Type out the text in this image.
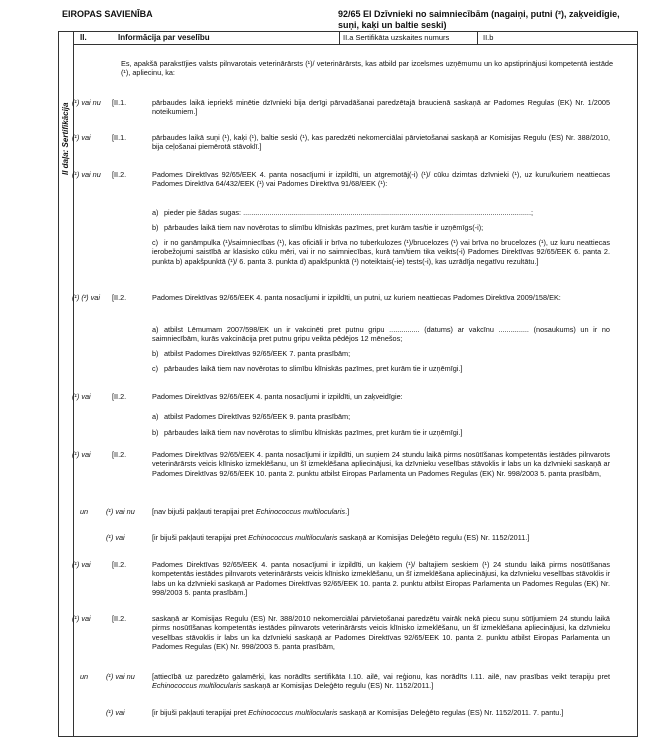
EIROPAS SAVIENĪBA	92/65 EI Dzīvnieki no saimniecībām (nagaiņi, putni (²), zaķveidīgie, suņi, kaķi un baltie seski)
II daļa: Sertifikācija
II.	Informācija par veselību	II.a Sertifikāta uzskaites numurs	II.b
Es, apakšā parakstījies valsts pilnvarotais veterinārārsts (¹)/ veterinārārsts, kas atbild par izcelsmes uzņēmumu un ko apstiprinājusi kompetentā iestāde (¹), apliecinu, ka:
(¹) vai nu	[II.1.	pārbaudes laikā iepriekš minētie dzīvnieki bija derīgi pārvadāšanai paredzētajā braucienā saskaņā ar Padomes Regulas (EK) Nr. 1/2005 noteikumiem.]
(¹) vai	[II.1.	pārbaudes laikā suņi (¹), kaķi (¹), baltie seski (¹), kas paredzēti nekomerciālai pārvietošanai saskaņā ar Komisijas Regulu (ES) Nr. 388/2010, bija ceļošanai piemērotā stāvoklī.]
(¹) vai nu	[II.2.	Padomes Direktīvas 92/65/EEK 4. panta nosacījumi ir izpildīti, un atgremotāj(-i) (¹)/ cūku dzimtas dzīvnieki (¹), uz kuru/kuriem neattiecas Padomes Direktīva 64/432/EEK (¹) vai Padomes Direktīva 91/68/EEK (¹):
a) pieder pie šādas sugas: ..............................................................................................................................................;
b) pārbaudes laikā tiem nav novērotas to slimību klīniskās pazīmes, pret kurām tas/tie ir uzņēmīgs(-i);
c) ir no ganāmpulka (¹)/saimniecības (¹), kas oficiāli ir brīva no tuberkulozes (¹)/brucelozes (¹) vai brīva no brucelozes (¹), uz kuru neattiecas ierobežojumi saistībā ar klasisko cūku mēri, vai ir no saimniecības, kurā tam/tiem tika veikts(-i) Padomes Direktīvas 92/65/EEK 6. panta 2. punkta b) apakšpunktā (¹)/ 6. panta 3. punkta d) apakšpunktā (¹) noteiktais(-ie) tests(-i), kas uzrādīja negatīvu rezultātu.]
(¹) (²) vai	[II.2.	Padomes Direktīvas 92/65/EEK 4. panta nosacījumi ir izpildīti, un putni, uz kuriem neattiecas Padomes Direktīva 2009/158/EK:
a) atbilst Lēmumam 2007/598/EK un ir vakcinēti pret putnu gripu ............... (datums) ar vakcīnu ............... (nosaukums) un ir no saimniecībām, kurās vakcinācija pret putnu gripu veikta pēdējos 12 mēnešos;
b) atbilst Padomes Direktīvas 92/65/EEK 7. panta prasībām;
c) pārbaudes laikā tiem nav novērotas to slimību klīniskās pazīmes, pret kurām tie ir uzņēmīgi.]
(¹) vai	[II.2.	Padomes Direktīvas 92/65/EEK 4. panta nosacījumi ir izpildīti, un zaķveidīgie:
a) atbilst Padomes Direktīvas 92/65/EEK 9. panta prasībām;
b) pārbaudes laikā tiem nav novērotas to slimību klīniskās pazīmes, pret kurām tie ir uzņēmīgi.]
(¹) vai	[II.2.	Padomes Direktīvas 92/65/EEK 4. panta nosacījumi ir izpildīti, un suņiem 24 stundu laikā pirms nosūtīšanas kompetentās iestādes pilnvarots veterinārārsts veicis klīnisko izmeklēšanu, un šī izmeklēšana apliecinājusi, ka dzīvnieku veselības stāvoklis ir labs un ka dzīvnieki saskaņā ar Padomes Direktīvas 92/65/EEK 10. panta 2. punktu atbilst Eiropas Parlamenta un Padomes Regulas (EK) Nr. 998/2003 5. panta prasībām,
un (¹) vai nu	[nav bijuši pakļauti terapijai pret Echinococcus multilocularis.]
(¹) vai	[ir bijuši pakļauti terapijai pret Echinococcus multilocularis saskaņā ar Komisijas Deleģēto regulu (ES) Nr. 1152/2011.]
(¹) vai	[II.2.	Padomes Direktīvas 92/65/EEK 4. panta nosacījumi ir izpildīti, un kaķiem (¹)/ baltajiem seskiem (¹) 24 stundu laikā pirms nosūtīšanas kompetentās iestādes pilnvarots veterinārārsts veicis klīnisko izmeklēšanu, un šī izmeklēšana apliecinājusi, ka dzīvnieku veselības stāvoklis ir labs un ka dzīvnieki saskaņā ar Padomes Direktīvas 92/65/EEK 10. panta 2. punktu atbilst Eiropas Parlamenta un Padomes Regulas (EK) Nr. 998/2003 5. panta prasībām.]
(¹) vai	[II.2.	saskaņā ar Komisijas Regulu (ES) Nr. 388/2010 nekomerciālai pārvietošanai paredzētu vairāk nekā piecu suņu sūtījumiem 24 stundu laikā pirms nosūtīšanas kompetentās iestādes pilnvarots veterinārārsts veicis klīnisko izmeklēšanu, un šī izmeklēšana apliecinājusi, ka dzīvnieku veselības stāvoklis ir labs un ka dzīvnieki saskaņā ar Padomes Direktīvas 92/65/EEK 10. panta 2. punktu atbilst Eiropas Parlamenta un Padomes Regulas (EK) Nr. 998/2003 5. panta prasībām,
un (¹) vai nu	[attiecībā uz paredzēto galamērķi, kas norādīts sertifikāta I.10. ailē, vai reģionu, kas norādīts I.11. ailē, nav prasības veikt terapiju pret Echinococcus multilocularis saskaņā ar Komisijas Deleģēto regulu (ES) Nr. 1152/2011.]
(¹) vai	[ir bijuši pakļauti terapijai pret Echinococcus multilocularis saskaņā ar Komisijas Deleģēto regulas (ES) Nr. 1152/2011. 7. pantu.]
